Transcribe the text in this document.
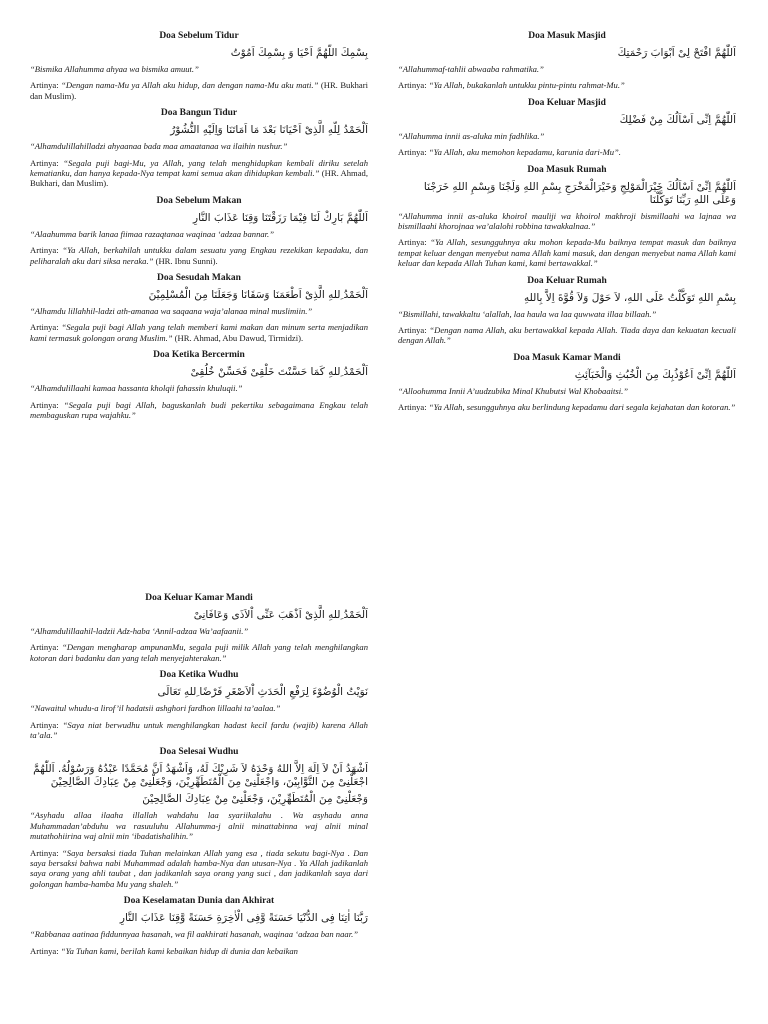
Doa Sebelum Tidur
بِسْمِكَ اللّهُمَّ اَحْيَا وَ بِسْمِكَ اَمُوْتُ
“Bismika Allahumma ahyaa wa bismika amuut.”
Artinya: “Dengan nama-Mu ya Allah aku hidup, dan dengan nama-Mu aku mati.” (HR. Bukhari dan Muslim).
Doa Bangun Tidur
اَلْحَمْدُ لِلّهِ الَّذِىْ اَحْيَانَا بَعْدَ مَا اَمَاتَنَا وَاِلَيْهِ النُّشُوْرُ
“Alhamdulillahilladzi ahyaanaa bada maa amaatanaa wa ilaihin nushur.”
Artinya: “Segala puji bagi-Mu, ya Allah, yang telah menghidupkan kembali diriku setelah kematianku, dan hanya kepada-Nya tempat kami semua akan dihidupkan kembali.” (HR. Ahmad, Bukhari, dan Muslim).
Doa Sebelum Makan
اَللّٰهُمَّ بَارِكْ لَنَا فِيْمَا رَزَقْتَنَا وَقِنَا عَذَابَ النَّارِ
“Alaahumma barik lanaa fiimaa razaqtanaa waqinaa ‘adzaa bannar.”
Artinya: “Ya Allah, berkahilah untukku dalam sesuatu yang Engkau rezekikan kepadaku, dan peliharalah aku dari siksa neraka.” (HR. Ibnu Sunni).
Doa Sesudah Makan
اَلْحَمْدُ ِللهِ الَّذِىْ اَطْعَمَنَا وَسَقَانَا وَجَعَلَنَا مِنَ الْمُسْلِمِيْنَ
“Alhamdu lillahhil-ladzi ath-amanaa wa saqaana waja’alanaa minal muslimiin.”
Artinya: “Segala puji bagi Allah yang telah memberi kami makan dan minum serta menjadikan kami termasuk golongan orang Muslim.” (HR. Ahmad, Abu Dawud, Tirmidzi).
Doa Ketika Bercermin
اَلْحَمْدُ ِللهِ كَمَا حَسَّنْتَ خَلْقِىْ فَحَسِّنْ خُلُقِىْ
“Alhamdulillaahi kamaa hassanta kholqii fahassin khuluqii.”
Artinya: “Segala puji bagi Allah, baguskanlah budi pekertiku sebagaimana Engkau telah membaguskan rupa wajahku.”
Doa Masuk Masjid
اَللّٰهُمَّ افْتَحْ لِىْ اَبْوَابَ رَحْمَتِكَ
“Allahummaf-tahlii abwaaba rahmatika.”
Artinya: “Ya Allah, bukakanlah untukku pintu-pintu rahmat-Mu.”
Doa Keluar Masjid
اَللّٰهُمَّ اِنِّى اَسْاَلُكَ مِنْ فَضْلِكَ
“Allahumma innii as-aluka min fadhlika.”
Artinya: “Ya Allah, aku memohon kepadamu, karunia dari-Mu”.
Doa Masuk Rumah
اَللّٰهُمَّ اِنِّىْ اَسْاَلُكَ خَيْرَالْمَوْلِجِ وَخَيْرَالْمَخْرَجِ بِسْمِ اللهِ وَلَجْنَا وَبِسْمِ اللهِ خَرَجْنَا وَعَلَى اللهِ رَبِّنَا تَوَكَّلْنَا
“Allahumma innii as-aluka khoirol mauliji wa khoirol makhroji bismillaahi wa lajnaa wa bismillaahi khorojnaa wa’alalohi robbina tawakkalnaa.”
Artinya: “Ya Allah, sesungguhnya aku mohon kepada-Mu baiknya tempat masuk dan baiknya tempat keluar dengan menyebut nama Allah kami masuk, dan dengan menyebut nama Allah kami keluar dan kepada Allah Tuhan kami, kami bertawakkal.”
Doa Keluar Rumah
بِسْمِ اللهِ تَوَكَّلْتُ عَلَى اللهِ، لاَ حَوْلَ وَلاَ قُوَّةَ اِلاَّ بِاللهِ
“Bismillahi, tawakkaltu ‘alallah, laa haula wa laa quwwata illaa billaah.”
Artinya: “Dengan nama Allah, aku bertawakkal kepada Allah. Tiada daya dan kekuatan kecuali dengan Allah.”
Doa Masuk Kamar Mandi
اَللّٰهُمَّ اِنِّىْ اَعُوْذُبِكَ مِنَ الْخُبُثِ وَالْخَبَآئِثِ
“Alloohumma Innii A’uudzubika Minal Khubutsi Wal Khobaaitsi.”
Artinya: “Ya Allah, sesungguhnya aku berlindung kepadamu dari segala kejahatan dan kotoran.”
Doa Keluar Kamar Mandi
اَلْحَمْدُ ِللهِ الَّذِىْ اَذْهَبَ عَنِّى اْلاَذَى وَعَافَانِىْ
“Alhamdulillaahil-ladzii Adz-haba ‘Annil-adzaa Wa’aafaanii.”
Artinya: “Dengan mengharap ampunanMu, segala puji milik Allah yang telah menghilangkan kotoran dari badanku dan yang telah menyejahterakan.”
Doa Ketika Wudhu
نَوَيْتُ الْوُضُوْءَ لِرَفْعِ الْحَدَثِ اْلاَصْغَرِ فَرْضًا ِللهِ تَعَالَى
“Nawaitul whudu-a lirof’il hadatsii ashghori fardhon lillaahi ta’aalaa.”
Artinya: “Saya niat berwudhu untuk menghilangkan hadast kecil fardu (wajib) karena Allah ta’ala.”
Doa Selesai Wudhu
اَشْهَدُ اَنْ لاَ اِلَهَ اِلاَّ اللهُ وَحْدَهُ لاَ شَرِيْكَ لَهُ، وَاَشْهَدُ اَنَّ مُحَمَّدًا عَبْدُهُ وَرَسُوْلُهُ. اَللّٰهُمَّ اجْعَلْنِىْ مِنَ التَّوَّابِيْنَ، وَاجْعَلْنِىْ مِنَ الْمُتَطَهِّرِيْنَ، وَجْعَلْنِىْ مِنْ عِبَادِكَ الصَّالِحِيْنَ
وَجْعَلْنِىْ مِنَ الْمُتَطَهِّرِيْنَ، وَجْعَلْنِىْ مِنْ عِبَادِكَ الصَّالِحِيْنَ
“Asyhadu allaa ilaaha illallah wahdahu laa syariikalahu . Wa asyhadu anna Muhammadan’abduhu wa rasuuluhu Allahumma-j alnii minattabinna waj alnii minal mutathohiirina waj alnii min ‘ibadatishalihin.”
Artinya: “Saya bersaksi tiada Tuhan melainkan Allah yang esa , tiada sekutu bagi-Nya . Dan saya bersaksi bahwa nabi Muhammad adalah hamba-Nya dan utusan-Nya . Ya Allah jadikanlah saya orang yang ahli taubat , dan jadikanlah saya orang yang suci , dan jadikanlah saya dari golongan hamba-hamba Mu yang shaleh.”
Doa Keselamatan Dunia dan Akhirat
رَبَّنَا اٰتِنَا فِى الدُّنْيَا حَسَنَةً وَّفِى الْاٰخِرَةِ حَسَنَةً وَّقِنَا عَذَابَ النَّارِ
“Rabbanaa aatinaa fiddunnyaa hasanah, wa fil aakhirati hasanah, waqinaa ‘adzaa ban naar.”
Artinya: “Ya Tuhan kami, berilah kami kebaikan hidup di dunia dan kebaikan
